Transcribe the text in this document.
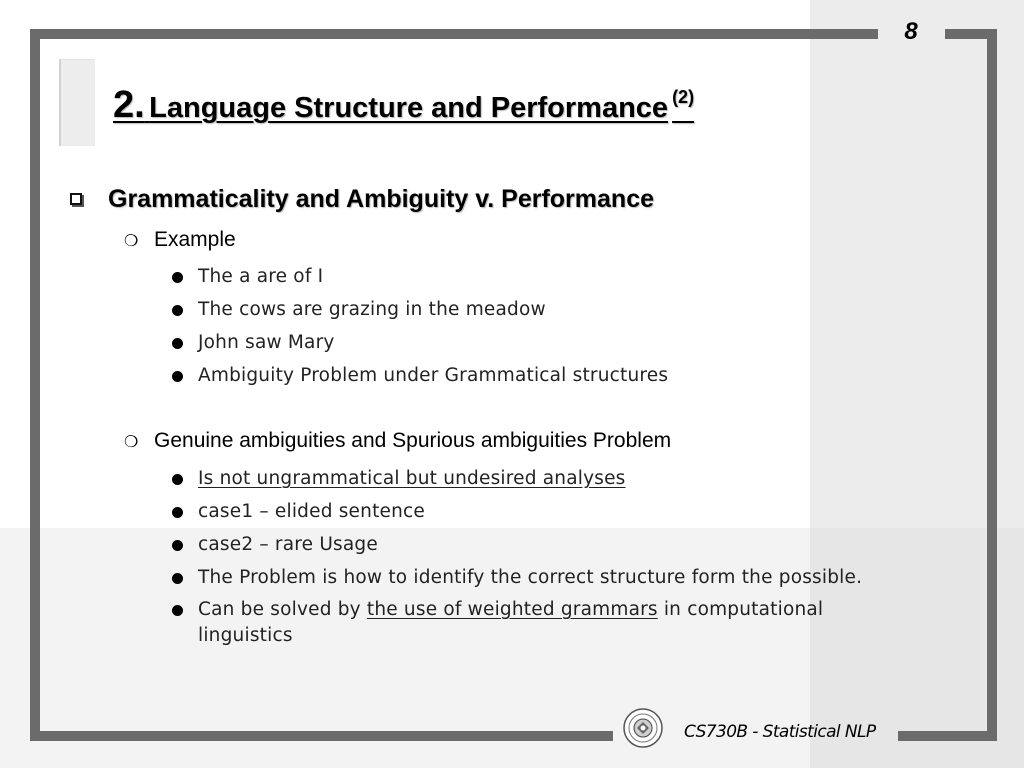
8
2. Language Structure and Performance $^{(2)}$
Grammaticality and Ambiguity v. Performance
❍ Example
The a are of I
The cows are grazing in the meadow
John saw Mary
Ambiguity Problem under Grammatical structures
❍ Genuine ambiguities and Spurious ambiguities Problem
Is not ungrammatical but undesired analyses
case1 – elided sentence
case2 – rare Usage
The Problem is how to identify the correct structure form the possible.
Can be solved by the use of weighted grammars in computational
linguistics
CS730B - Statistical NLP
